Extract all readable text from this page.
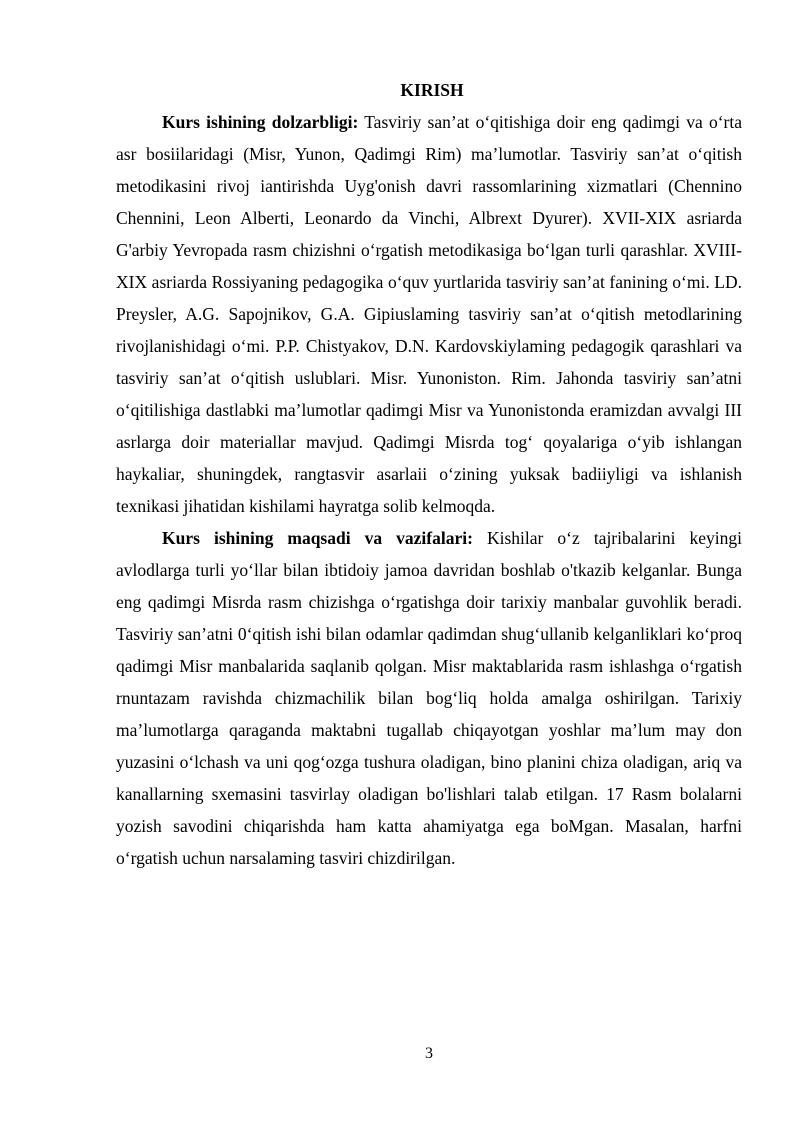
KIRISH

Kurs ishining dolzarbligi: Tasviriy san’at o‘qitishiga doir eng qadimgi va o‘rta asr bosiilaridagi (Misr, Yunon, Qadimgi Rim) ma’lumotlar. Tasviriy san’at o‘qitish metodikasini rivoj iantirishda Uyg'onish davri rassomlarining xizmatlari (Chennino Chennini, Leon Alberti, Leonardo da Vinchi, Albrext Dyurer). XVII-XIX asriarda G'arbiy Yevropada rasm chizishni o‘rgatish metodikasiga bo‘lgan turli qarashlar. XVIII-XIX asriarda Rossiyaning pedagogika o‘quv yurtlarida tasviriy san’at fanining o‘mi. LD. Preysler, A.G. Sapojnikov, G.A. Gipiuslaming tasviriy san’at o‘qitish metodlarining rivojlanishidagi o‘mi. P.P. Chistyakov, D.N. Kardovskiylaming pedagogik qarashlari va tasviriy san’at o‘qitish uslublari. Misr. Yunoniston. Rim. Jahonda tasviriy san’atni o‘qitilishiga dastlabki ma’lumotlar qadimgi Misr va Yunonistonda eramizdan avvalgi III asrlarga doir materiallar mavjud. Qadimgi Misrda tog‘ qoyalariga o‘yib ishlangan haykaliar, shuningdek, rangtasvir asarlaii o‘zining yuksak badiiyligi va ishlanish texnikasi jihatidan kishilami hayratga solib kelmoqda.

Kurs ishining maqsadi va vazifalari: Kishilar o‘z tajribalarini keyingi avlodlarga turli yo‘llar bilan ibtidoiy jamoa davridan boshlab o'tkazib kelganlar. Bunga eng qadimgi Misrda rasm chizishga o‘rgatishga doir tarixiy manbalar guvohlik beradi. Tasviriy san’atni 0‘qitish ishi bilan odamlar qadimdan shug‘ullanib kelganliklari ko‘proq qadimgi Misr manbalarida saqlanib qolgan. Misr maktablarida rasm ishlashga o‘rgatish rnuntazam ravishda chizmachilik bilan bog‘liq holda amalga oshirilgan. Tarixiy ma’lumotlarga qaraganda maktabni tugallab chiqayotgan yoshlar ma’lum may don yuzasini o‘lchash va uni qog‘ozga tushura oladigan, bino planini chiza oladigan, ariq va kanallarning sxemasini tasvirlay oladigan bo'lishlari talab etilgan. 17 Rasm bolalarni yozish savodini chiqarishda ham katta ahamiyatga ega boMgan. Masalan, harfni o‘rgatish uchun narsalaming tasviri chizdirilgan.

3
